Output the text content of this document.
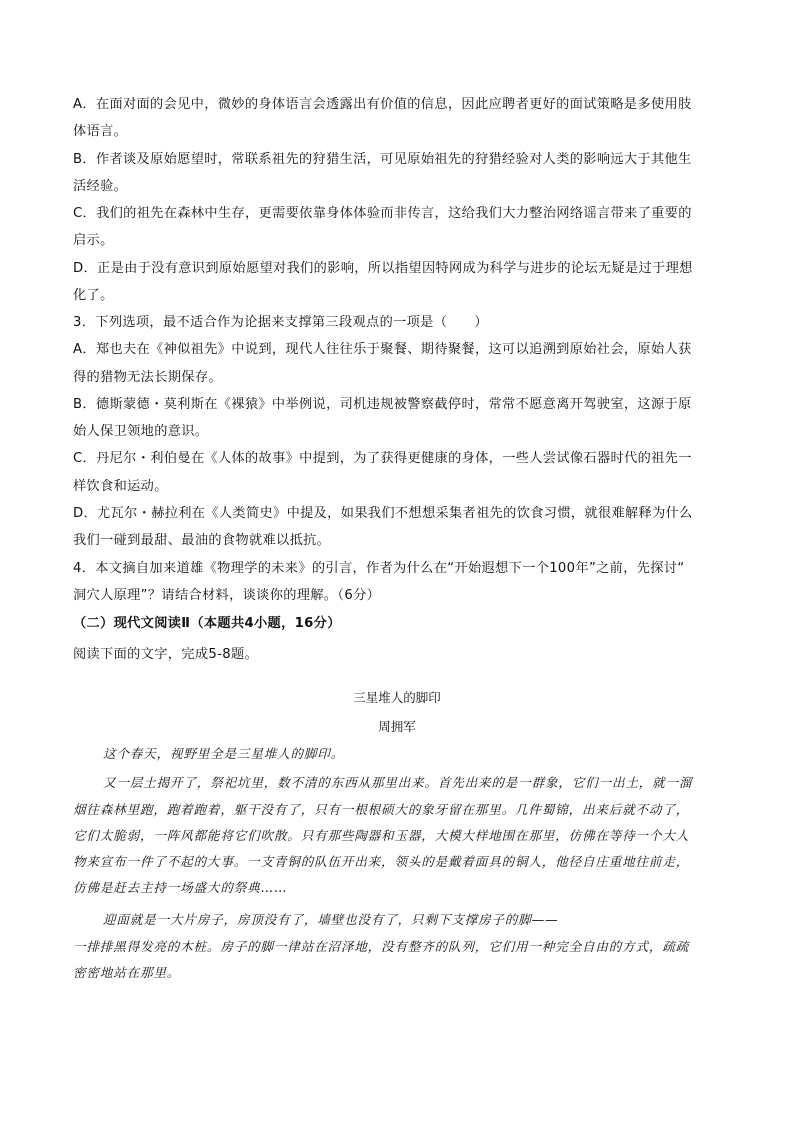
A．在面对面的会见中，微妙的身体语言会透露出有价值的信息，因此应聘者更好的面试策略是多使用肢
体语言。
B．作者谈及原始愿望时，常联系祖先的狩猎生活，可见原始祖先的狩猎经验对人类的影响远大于其他生
活经验。
C．我们的祖先在森林中生存，更需要依靠身体体验而非传言，这给我们大力整治网络谣言带来了重要的
启示。
D．正是由于没有意识到原始愿望对我们的影响，所以指望因特网成为科学与进步的论坛无疑是过于理想
化了。
3．下列选项，最不适合作为论据来支撑第三段观点的一项是（　　）
A．郑也夫在《神似祖先》中说到，现代人往往乐于聚餐、期待聚餐，这可以追溯到原始社会，原始人获
得的猎物无法长期保存。
B．德斯蒙德・莫利斯在《裸猿》中举例说，司机违规被警察截停时，常常不愿意离开驾驶室，这源于原
始人保卫领地的意识。
C．丹尼尔・利伯曼在《人体的故事》中提到，为了获得更健康的身体，一些人尝试像石器时代的祖先一
样饮食和运动。
D．尤瓦尔・赫拉利在《人类简史》中提及，如果我们不想想采集者祖先的饮食习惯，就很难解释为什么
我们一碰到最甜、最油的食物就难以抵抗。
4．本文摘自加来道雄《物理学的未来》的引言，作者为什么在“开始遐想下一个100年”之前，先探讨“
洞穴人原理”？请结合材料，谈谈你的理解。（6分）
（二）现代文阅读Ⅱ（本题共4小题，16分）
阅读下面的文字，完成5-8题。
三星堆人的脚印
周拥军
这个春天，视野里全是三星堆人的脚印。
又一层土揭开了，祭祀坑里，数不清的东西从那里出来。首先出来的是一群象，它们一出土，就一溜
烟往森林里跑，跑着跑着，躯干没有了，只有一根根硕大的象牙留在那里。几件蜀锦，出来后就不动了，
它们太脆弱，一阵风都能将它们吹散。只有那些陶器和玉器，大模大样地围在那里，仿佛在等待一个大人
物来宣布一件了不起的大事。一支青铜的队伍开出来，领头的是戴着面具的铜人，他径自庄重地往前走，
仿佛是赶去主持一场盛大的祭典……
迎面就是一大片房子，房顶没有了，墙壁也没有了，只剩下支撑房子的脚——
一排排黑得发亮的木桩。房子的脚一律站在沼泽地，没有整齐的队列，它们用一种完全自由的方式，疏疏
密密地站在那里。
